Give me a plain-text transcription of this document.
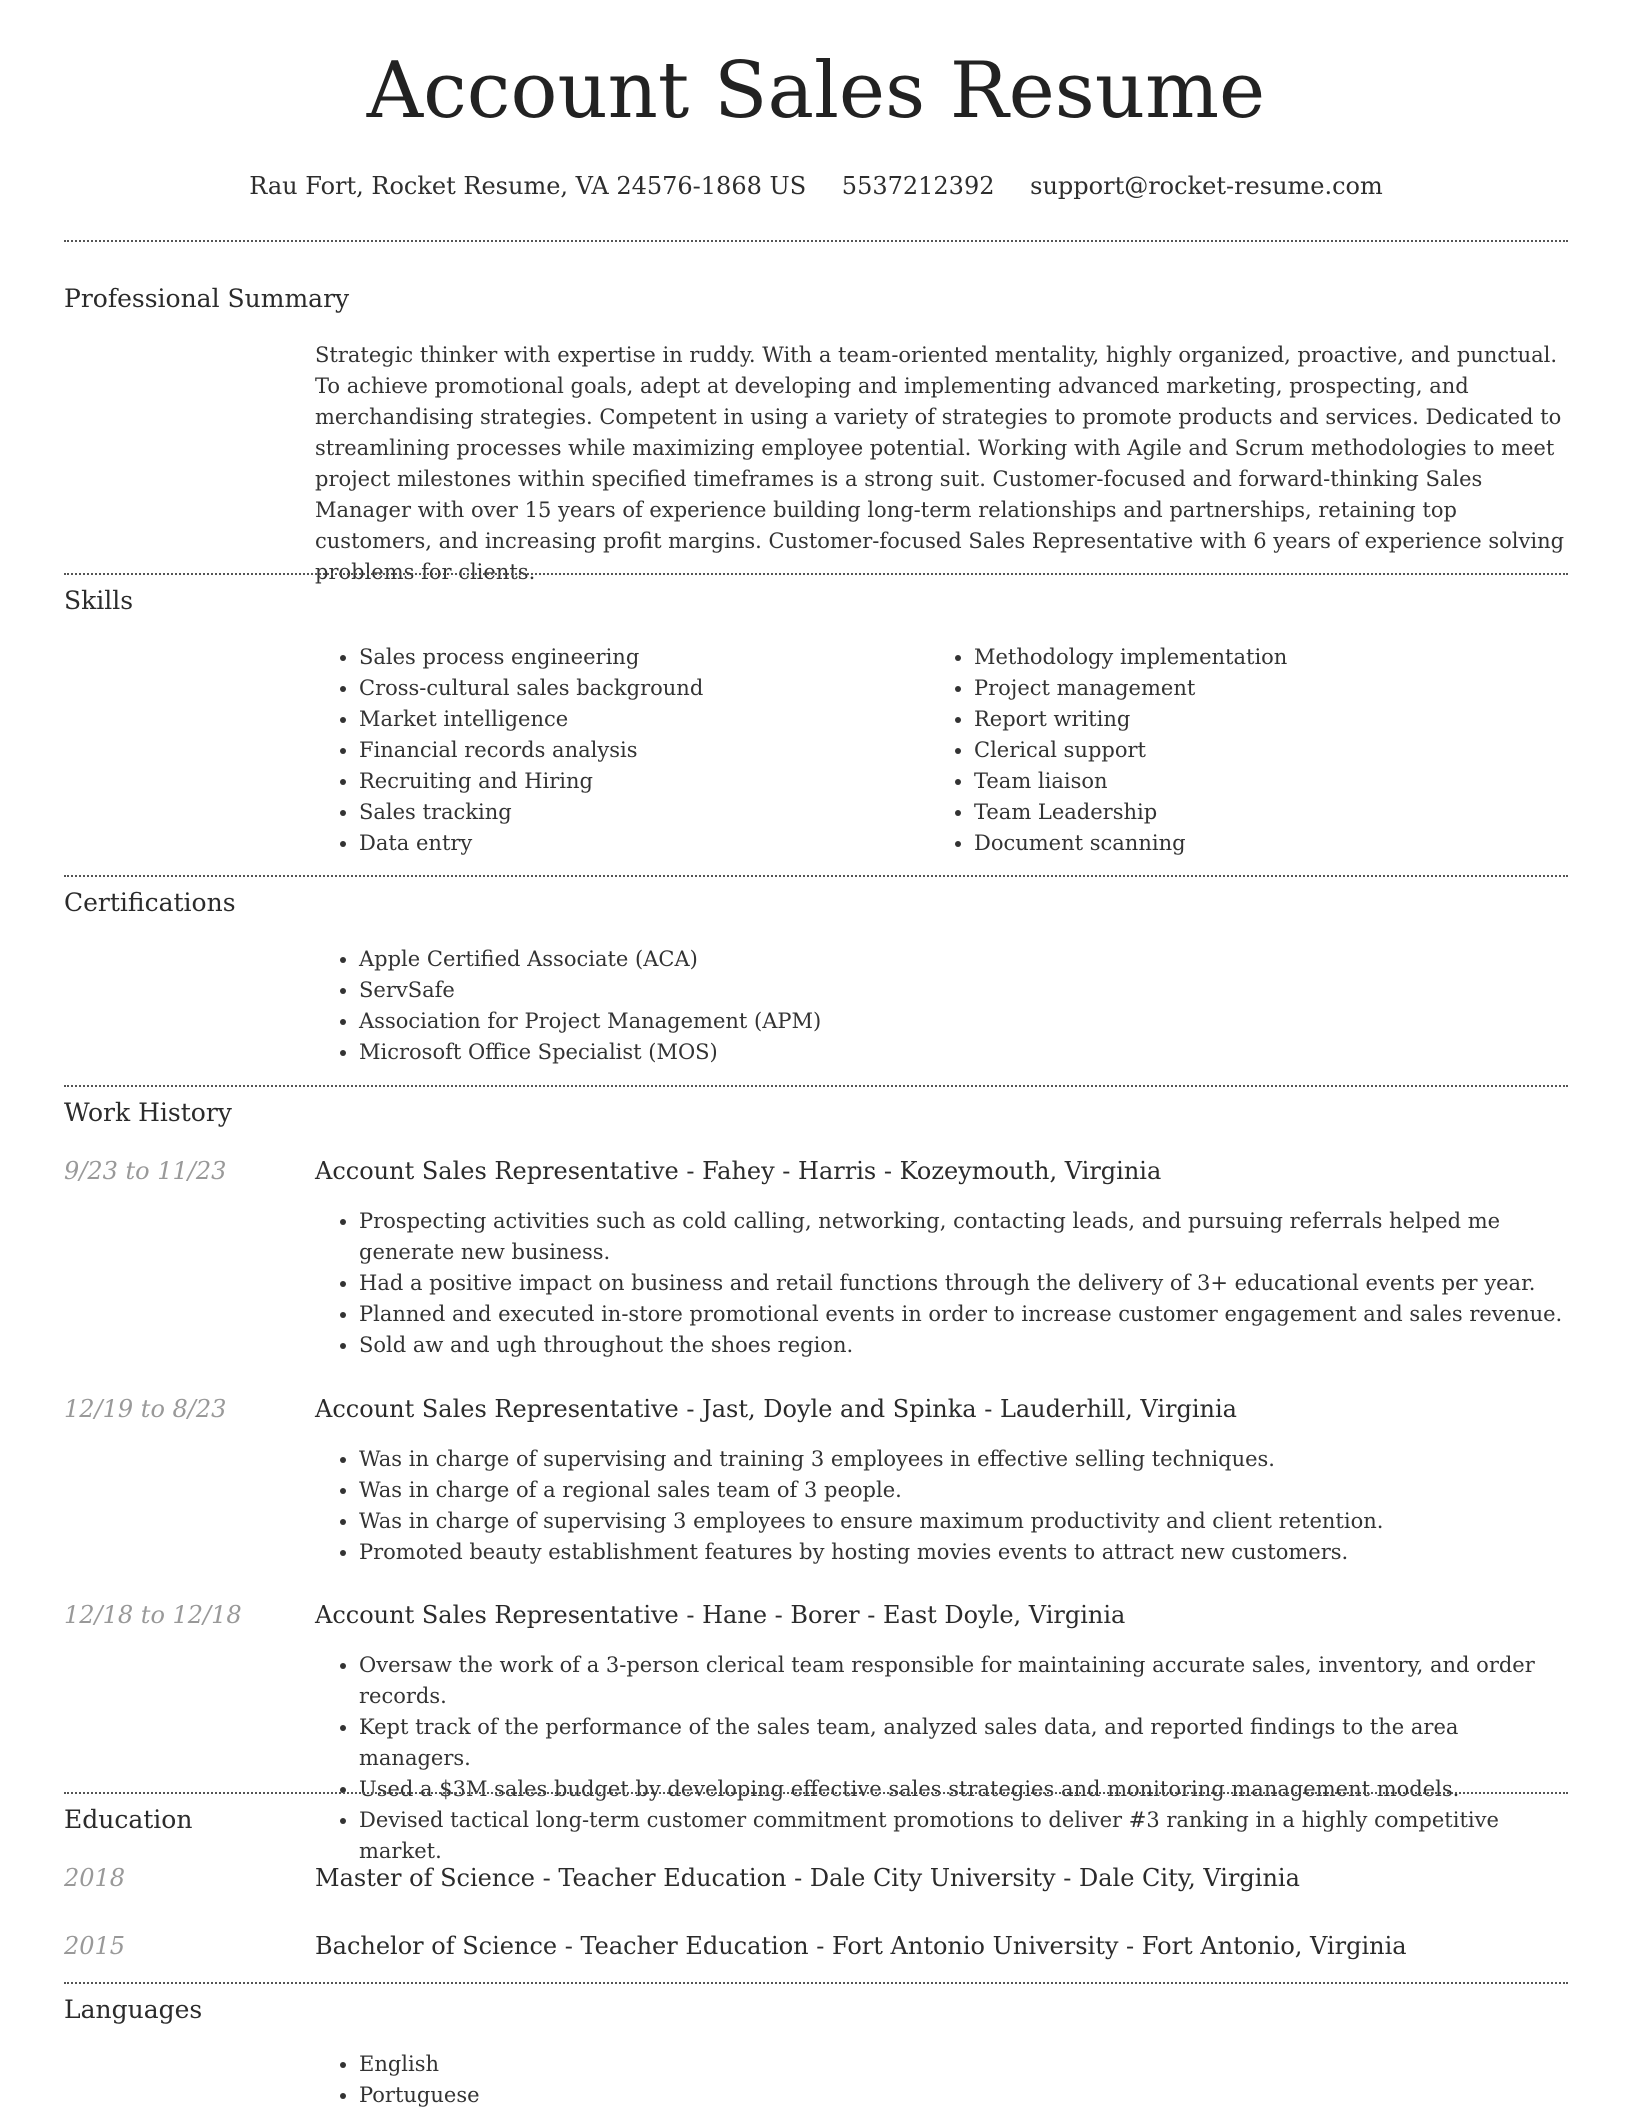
Account Sales Resume
Rau Fort, Rocket Resume, VA 24576-1868 US 5537212392 support@rocket-resume.com
Professional Summary
Strategic thinker with expertise in ruddy. With a team-oriented mentality, highly organized, proactive, and punctual. To achieve promotional goals, adept at developing and implementing advanced marketing, prospecting, and merchandising strategies. Competent in using a variety of strategies to promote products and services. Dedicated to streamlining processes while maximizing employee potential. Working with Agile and Scrum methodologies to meet project milestones within specified timeframes is a strong suit. Customer-focused and forward-thinking Sales Manager with over 15 years of experience building long-term relationships and partnerships, retaining top customers, and increasing profit margins. Customer-focused Sales Representative with 6 years of experience solving problems for clients.
Skills
• Sales process engineering
• Cross-cultural sales background
• Market intelligence
• Financial records analysis
• Recruiting and Hiring
• Sales tracking
• Data entry
• Methodology implementation
• Project management
• Report writing
• Clerical support
• Team liaison
• Team Leadership
• Document scanning
Certifications
• Apple Certified Associate (ACA)
• ServSafe
• Association for Project Management (APM)
• Microsoft Office Specialist (MOS)
Work History
9/23 to 11/23	Account Sales Representative - Fahey - Harris - Kozeymouth, Virginia
• Prospecting activities such as cold calling, networking, contacting leads, and pursuing referrals helped me generate new business.
• Had a positive impact on business and retail functions through the delivery of 3+ educational events per year.
• Planned and executed in-store promotional events in order to increase customer engagement and sales revenue.
• Sold aw and ugh throughout the shoes region.
12/19 to 8/23	Account Sales Representative - Jast, Doyle and Spinka - Lauderhill, Virginia
• Was in charge of supervising and training 3 employees in effective selling techniques.
• Was in charge of a regional sales team of 3 people.
• Was in charge of supervising 3 employees to ensure maximum productivity and client retention.
• Promoted beauty establishment features by hosting movies events to attract new customers.
12/18 to 12/18	Account Sales Representative - Hane - Borer - East Doyle, Virginia
• Oversaw the work of a 3-person clerical team responsible for maintaining accurate sales, inventory, and order records.
• Kept track of the performance of the sales team, analyzed sales data, and reported findings to the area managers.
• Used a $3M sales budget by developing effective sales strategies and monitoring management models.
• Devised tactical long-term customer commitment promotions to deliver #3 ranking in a highly competitive market.
Education
2018	Master of Science - Teacher Education - Dale City University - Dale City, Virginia
2015	Bachelor of Science - Teacher Education - Fort Antonio University - Fort Antonio, Virginia
Languages
• English
• Portuguese
